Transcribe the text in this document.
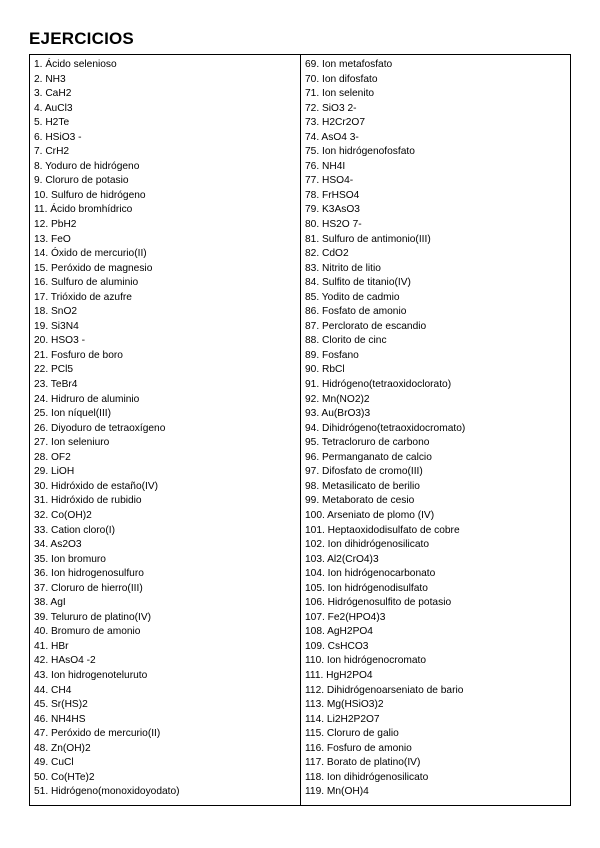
EJERCICIOS
1. Ácido selenioso
2. NH3
3. CaH2
4. AuCl3
5. H2Te
6. HSiO3 -
7. CrH2
8. Yoduro de hidrógeno
9. Cloruro de potasio
10. Sulfuro de hidrógeno
11. Ácido bromhídrico
12. PbH2
13. FeO
14. Óxido de mercurio(II)
15. Peróxido de magnesio
16. Sulfuro de aluminio
17. Trióxido de azufre
18. SnO2
19. Si3N4
20. HSO3 -
21. Fosfuro de boro
22. PCl5
23. TeBr4
24. Hidruro de aluminio
25. Ion níquel(III)
26. Diyoduro de tetraoxígeno
27. Ion seleniuro
28. OF2
29. LiOH
30. Hidróxido de estaño(IV)
31. Hidróxido de rubidio
32. Co(OH)2
33. Cation cloro(I)
34. As2O3
35. Ion bromuro
36. Ion hidrogenosulfuro
37. Cloruro de hierro(III)
38. AgI
39. Telururo de platino(IV)
40. Bromuro de amonio
41. HBr
42. HAsO4 -2
43. Ion hidrogenoteluruto
44. CH4
45. Sr(HS)2
46. NH4HS
47. Peróxido de mercurio(II)
48. Zn(OH)2
49. CuCl
50. Co(HTe)2
51. Hidrógeno(monoxidoyodato)
69. Ion metafosfato
70. Ion difosfato
71. Ion selenito
72. SiO3 2-
73. H2Cr2O7
74. AsO4 3-
75. Ion hidrógenofosfato
76. NH4I
77. HSO4-
78. FrHSO4
79. K3AsO3
80. HS2O 7-
81. Sulfuro de antimonio(III)
82. CdO2
83. Nitrito de litio
84. Sulfito de titanio(IV)
85. Yodito de cadmio
86. Fosfato de amonio
87. Perclorato de escandio
88. Clorito de cinc
89. Fosfano
90. RbCl
91. Hidrógeno(tetraoxidoclorato)
92. Mn(NO2)2
93. Au(BrO3)3
94. Dihidrógeno(tetraoxidocromato)
95. Tetracloruro de carbono
96. Permanganato de calcio
97. Difosfato de cromo(III)
98. Metasilicato de berilio
99. Metaborato de cesio
100. Arseniato de plomo (IV)
101. Heptaoxidodisulfato de cobre
102. Ion dihidrógenosilicato
103. Al2(CrO4)3
104. Ion hidrógenocarbonato
105. Ion hidrógenodisulfato
106. Hidrógenosulfito de potasio
107. Fe2(HPO4)3
108. AgH2PO4
109. CsHCO3
110. Ion hidrógenocromato
111. HgH2PO4
112. Dihidrógenoarseniato de bario
113. Mg(HSiO3)2
114. Li2H2P2O7
115. Cloruro de galio
116. Fosfuro de amonio
117. Borato de platino(IV)
118. Ion dihidrógenosilicato
119. Mn(OH)4
